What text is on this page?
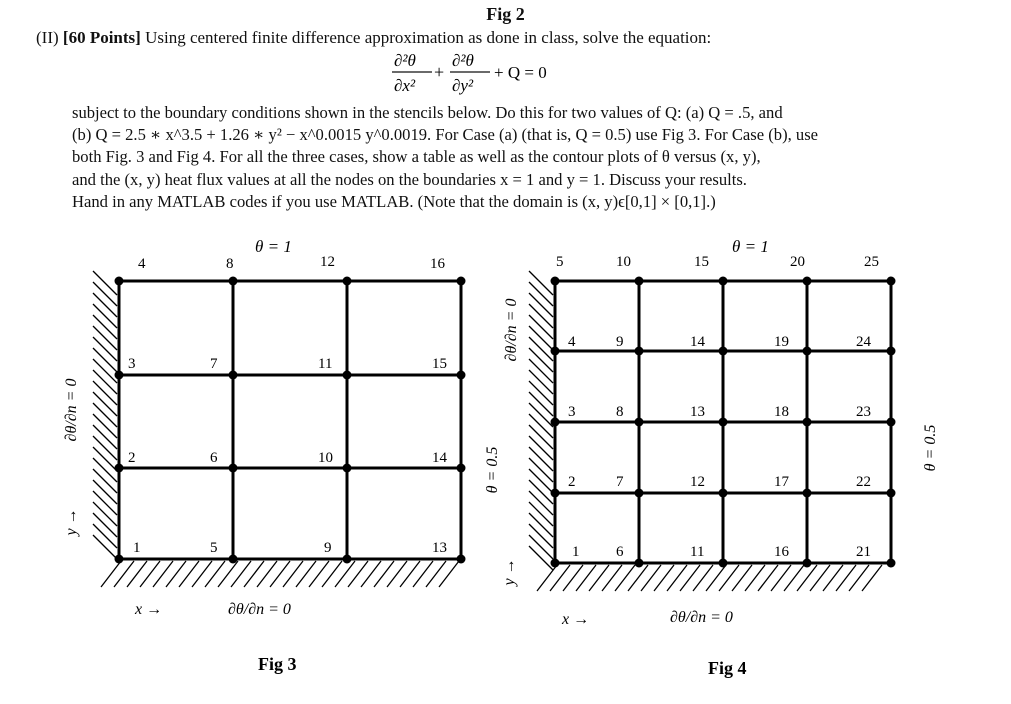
Fig 2
(II) [60 Points] Using centered finite difference approximation as done in class, solve the equation:
∂²θ
∂x²
+
∂²θ
∂y²
+ Q = 0
subject to the boundary conditions shown in the stencils below. Do this for two values of Q: (a) Q = .5, and
(b) Q = 2.5 ∗ x^3.5 + 1.26 ∗ y² − x^0.0015 y^0.0019. For Case (a) (that is, Q = 0.5) use Fig 3. For Case (b), use
both Fig. 3 and Fig 4. For all the three cases, show a table as well as the contour plots of θ versus (x, y),
and the (x, y) heat flux values at all the nodes on the boundaries x = 1 and y = 1. Discuss your results.
Hand in any MATLAB codes if you use MATLAB. (Note that the domain is (x, y)ϵ[0,1] × [0,1].)
θ = 1
4	8	12	16
3	7	11	15
2	6	10	14
1	5	9	13
∂θ/∂n = 0
y →
x →	∂θ/∂n = 0
Fig 3
θ = 1
5	10	15	20	25
4	9	14	19	24
3	8	13	18	23
2	7	12	17	22
1 6	11	16	21
∂θ/∂n = 0
θ = 0.5
y →
θ = 0.5
x →	∂θ/∂n = 0
Fig 4
